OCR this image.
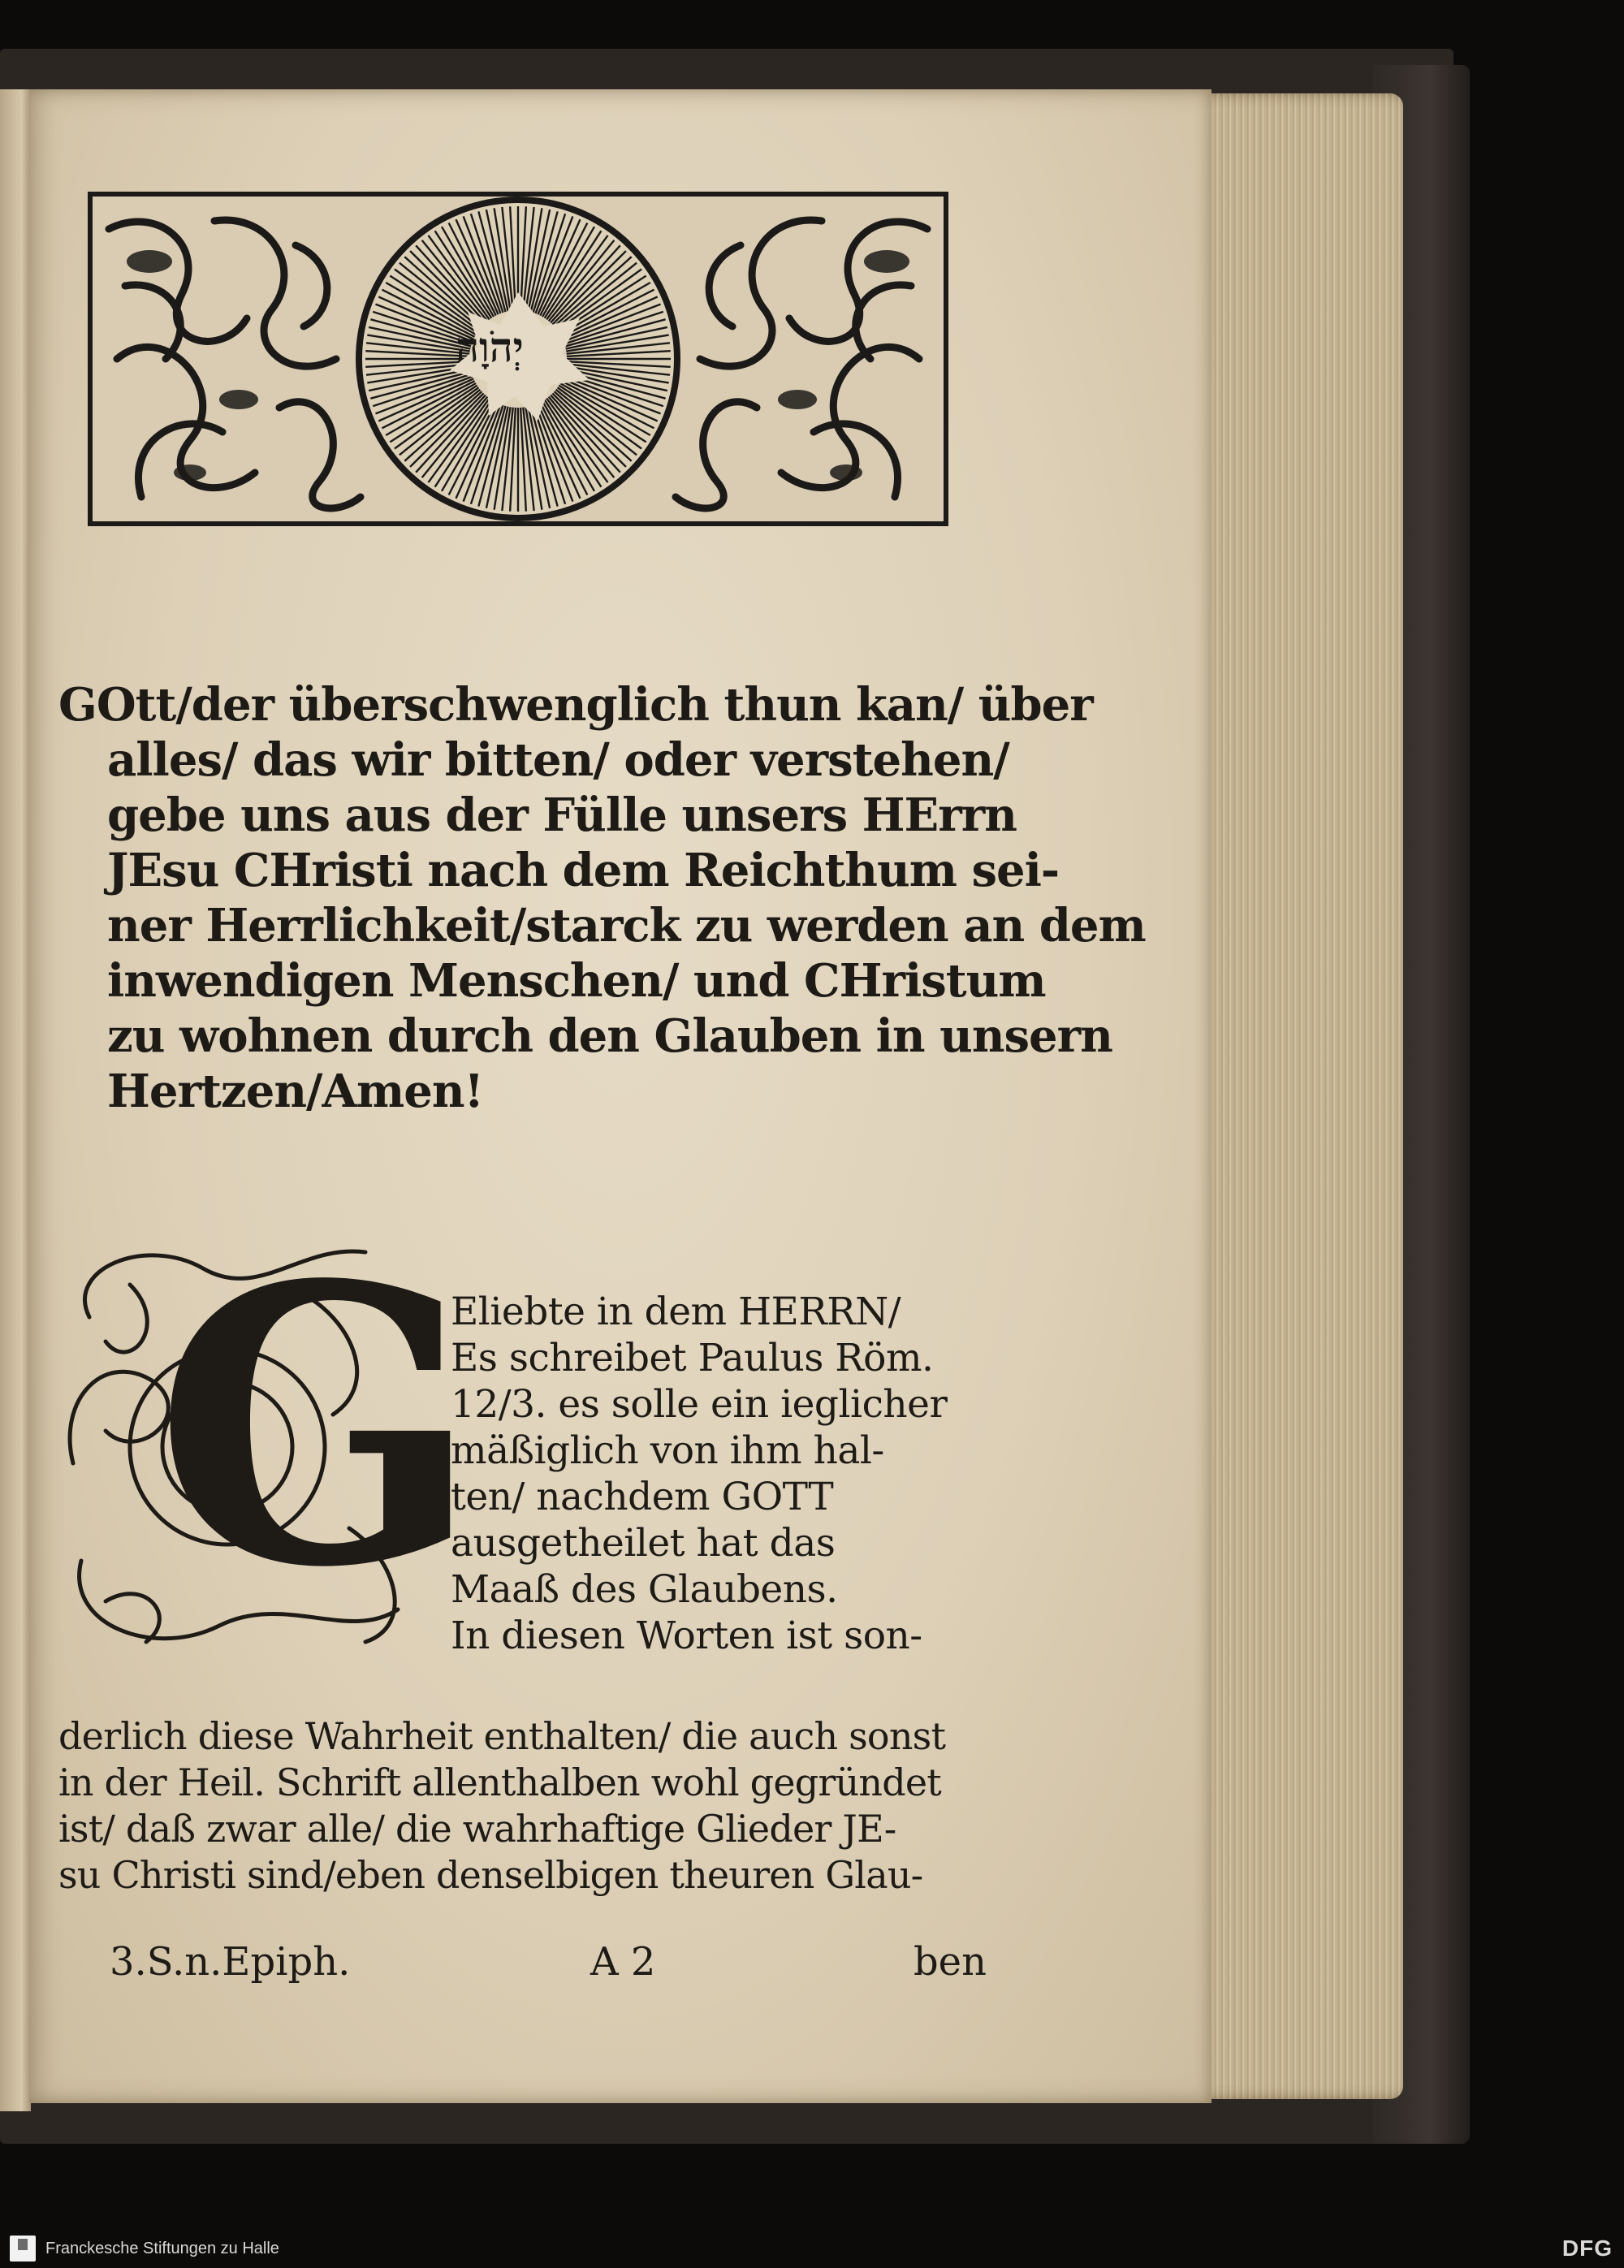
יְהֹוָה
GOtt/der überschwenglich thun kan/ über
alles/ das wir bitten/ oder verstehen/
gebe uns aus der Fülle unsers HErrn
JEsu CHristi nach dem Reichthum sei-
ner Herrlichkeit/starck zu werden an dem
inwendigen Menschen/ und CHristum
zu wohnen durch den Glauben in unsern
Hertzen/Amen!
G
Eliebte in dem HERRN/
Es schreibet Paulus Röm.
12/3. es solle ein ieglicher
mäßiglich von ihm hal-
ten/ nachdem GOTT
ausgetheilet hat das
Maaß des Glaubens.
In diesen Worten ist son-
derlich diese Wahrheit enthalten/ die auch sonst
in der Heil. Schrift allenthalben wohl gegründet
ist/ daß zwar alle/ die wahrhaftige Glieder JE-
su Christi sind/eben denselbigen theuren Glau-
3.S.n.Epiph.	A 2	ben
Franckesche Stiftungen zu Halle	DFG
